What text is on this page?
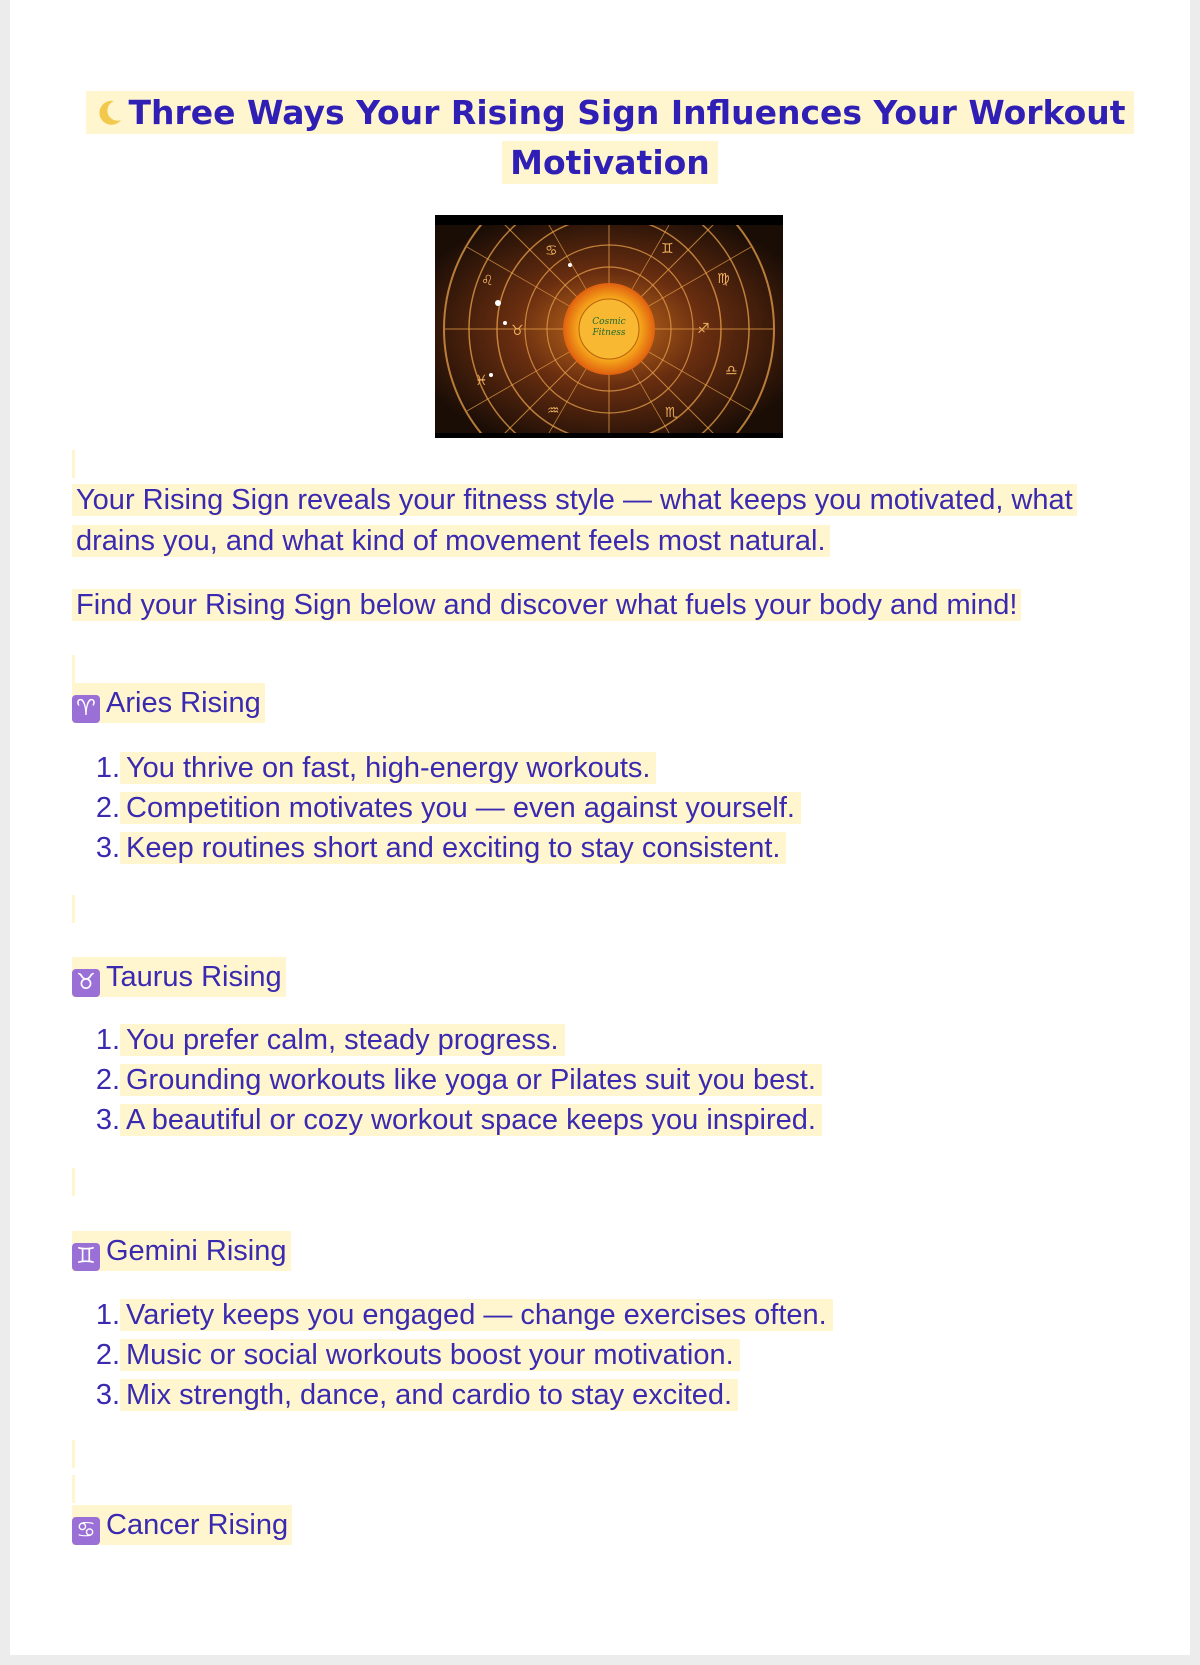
Three Ways Your Rising Sign Influences Your Workout
Motivation
♌	♍
♓
♎
♋	♊
♒	♏
♉	♐
Cosmic
Fitness
Your Rising Sign reveals your fitness style — what keeps you motivated, what drains you, and what kind of movement feels most natural.
Find your Rising Sign below and discover what fuels your body and mind!
♈ Aries Rising
1. You thrive on fast, high-energy workouts.
2. Competition motivates you — even against yourself.
3. Keep routines short and exciting to stay consistent.
♉ Taurus Rising
1. You prefer calm, steady progress.
2. Grounding workouts like yoga or Pilates suit you best.
3. A beautiful or cozy workout space keeps you inspired.
♊ Gemini Rising
1. Variety keeps you engaged — change exercises often.
2. Music or social workouts boost your motivation.
3. Mix strength, dance, and cardio to stay excited.
♋ Cancer Rising
